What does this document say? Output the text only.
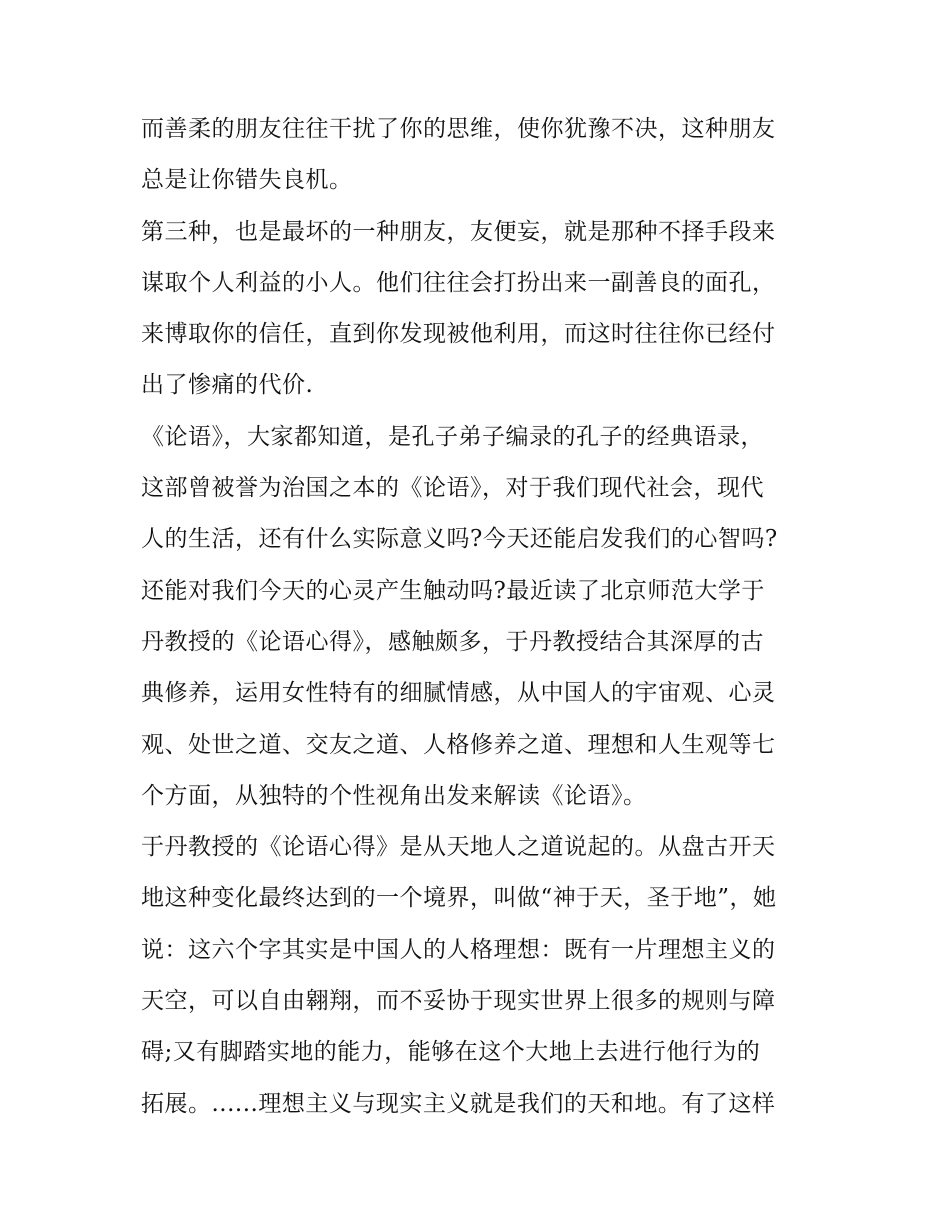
而善柔的朋友往往干扰了你的思维，使你犹豫不决，这种朋友
总是让你错失良机。
第三种，也是最坏的一种朋友，友便妄，就是那种不择手段来
谋取个人利益的小人。他们往往会打扮出来一副善良的面孔，
来博取你的信任，直到你发现被他利用，而这时往往你已经付
出了惨痛的代价.
《论语》，大家都知道，是孔子弟子编录的孔子的经典语录，
这部曾被誉为治国之本的《论语》，对于我们现代社会，现代
人的生活，还有什么实际意义吗?今天还能启发我们的心智吗?
还能对我们今天的心灵产生触动吗?最近读了北京师范大学于
丹教授的《论语心得》，感触颇多，于丹教授结合其深厚的古
典修养，运用女性特有的细腻情感，从中国人的宇宙观、心灵
观、处世之道、交友之道、人格修养之道、理想和人生观等七
个方面，从独特的个性视角出发来解读《论语》。
于丹教授的《论语心得》是从天地人之道说起的。从盘古开天
地这种变化最终达到的一个境界，叫做“神于天，圣于地”，她
说：这六个字其实是中国人的人格理想：既有一片理想主义的
天空，可以自由翱翔，而不妥协于现实世界上很多的规则与障
碍;又有脚踏实地的能力，能够在这个大地上去进行他行为的
拓展。......理想主义与现实主义就是我们的天和地。有了这样
